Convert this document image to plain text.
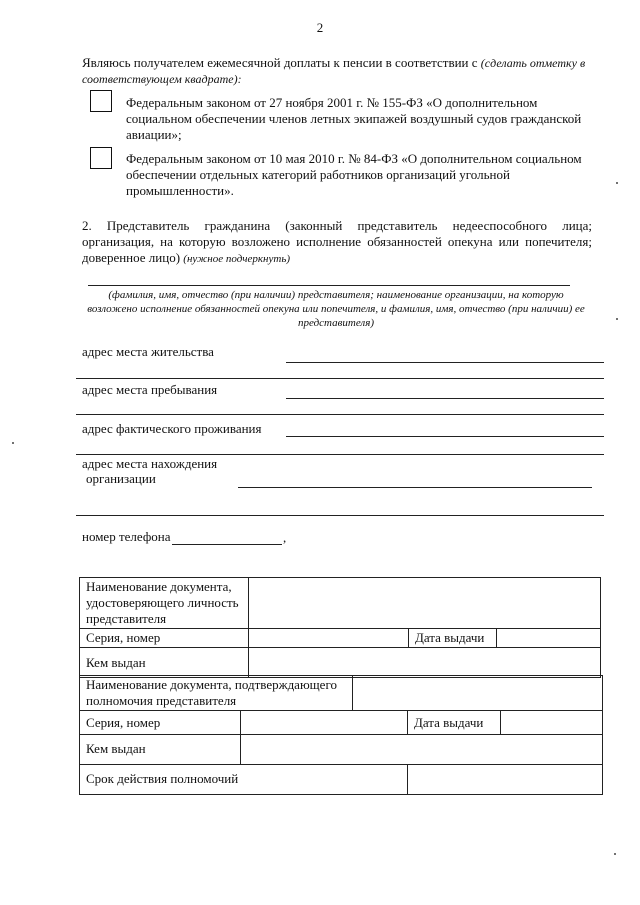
2
Являюсь получателем ежемесячной доплаты к пенсии в соответствии с (сделать отметку в соответствующем квадрате):
Федеральным законом от 27 ноября 2001 г. № 155-ФЗ «О дополнительном социальном обеспечении членов летных экипажей воздушный судов гражданской авиации»;
Федеральным законом от 10 мая 2010 г. № 84-ФЗ «О дополнительном социальном обеспечении отдельных категорий работников организаций угольной промышленности».
2. Представитель гражданина (законный представитель недееспособного лица; организация, на которую возложено исполнение обязанностей опекуна или попечителя; доверенное лицо) (нужное подчеркнуть)
(фамилия, имя, отчество (при наличии) представителя; наименование организации, на которую возложено исполнение обязанностей опекуна или попечителя, и фамилия, имя, отчество (при наличии) ее представителя)
адрес места жительства
адрес места пребывания
адрес фактического проживания
адрес места нахождения
организации
номер телефона	,
Наименование документа, удостоверяющего личность представителя			
Серия, номер		Дата выдачи	
Кем выдан			
Наименование документа, подтверждающего полномочия представителя				
Серия, номер			Дата выдачи	
Кем выдан				
Срок действия полномочий				
